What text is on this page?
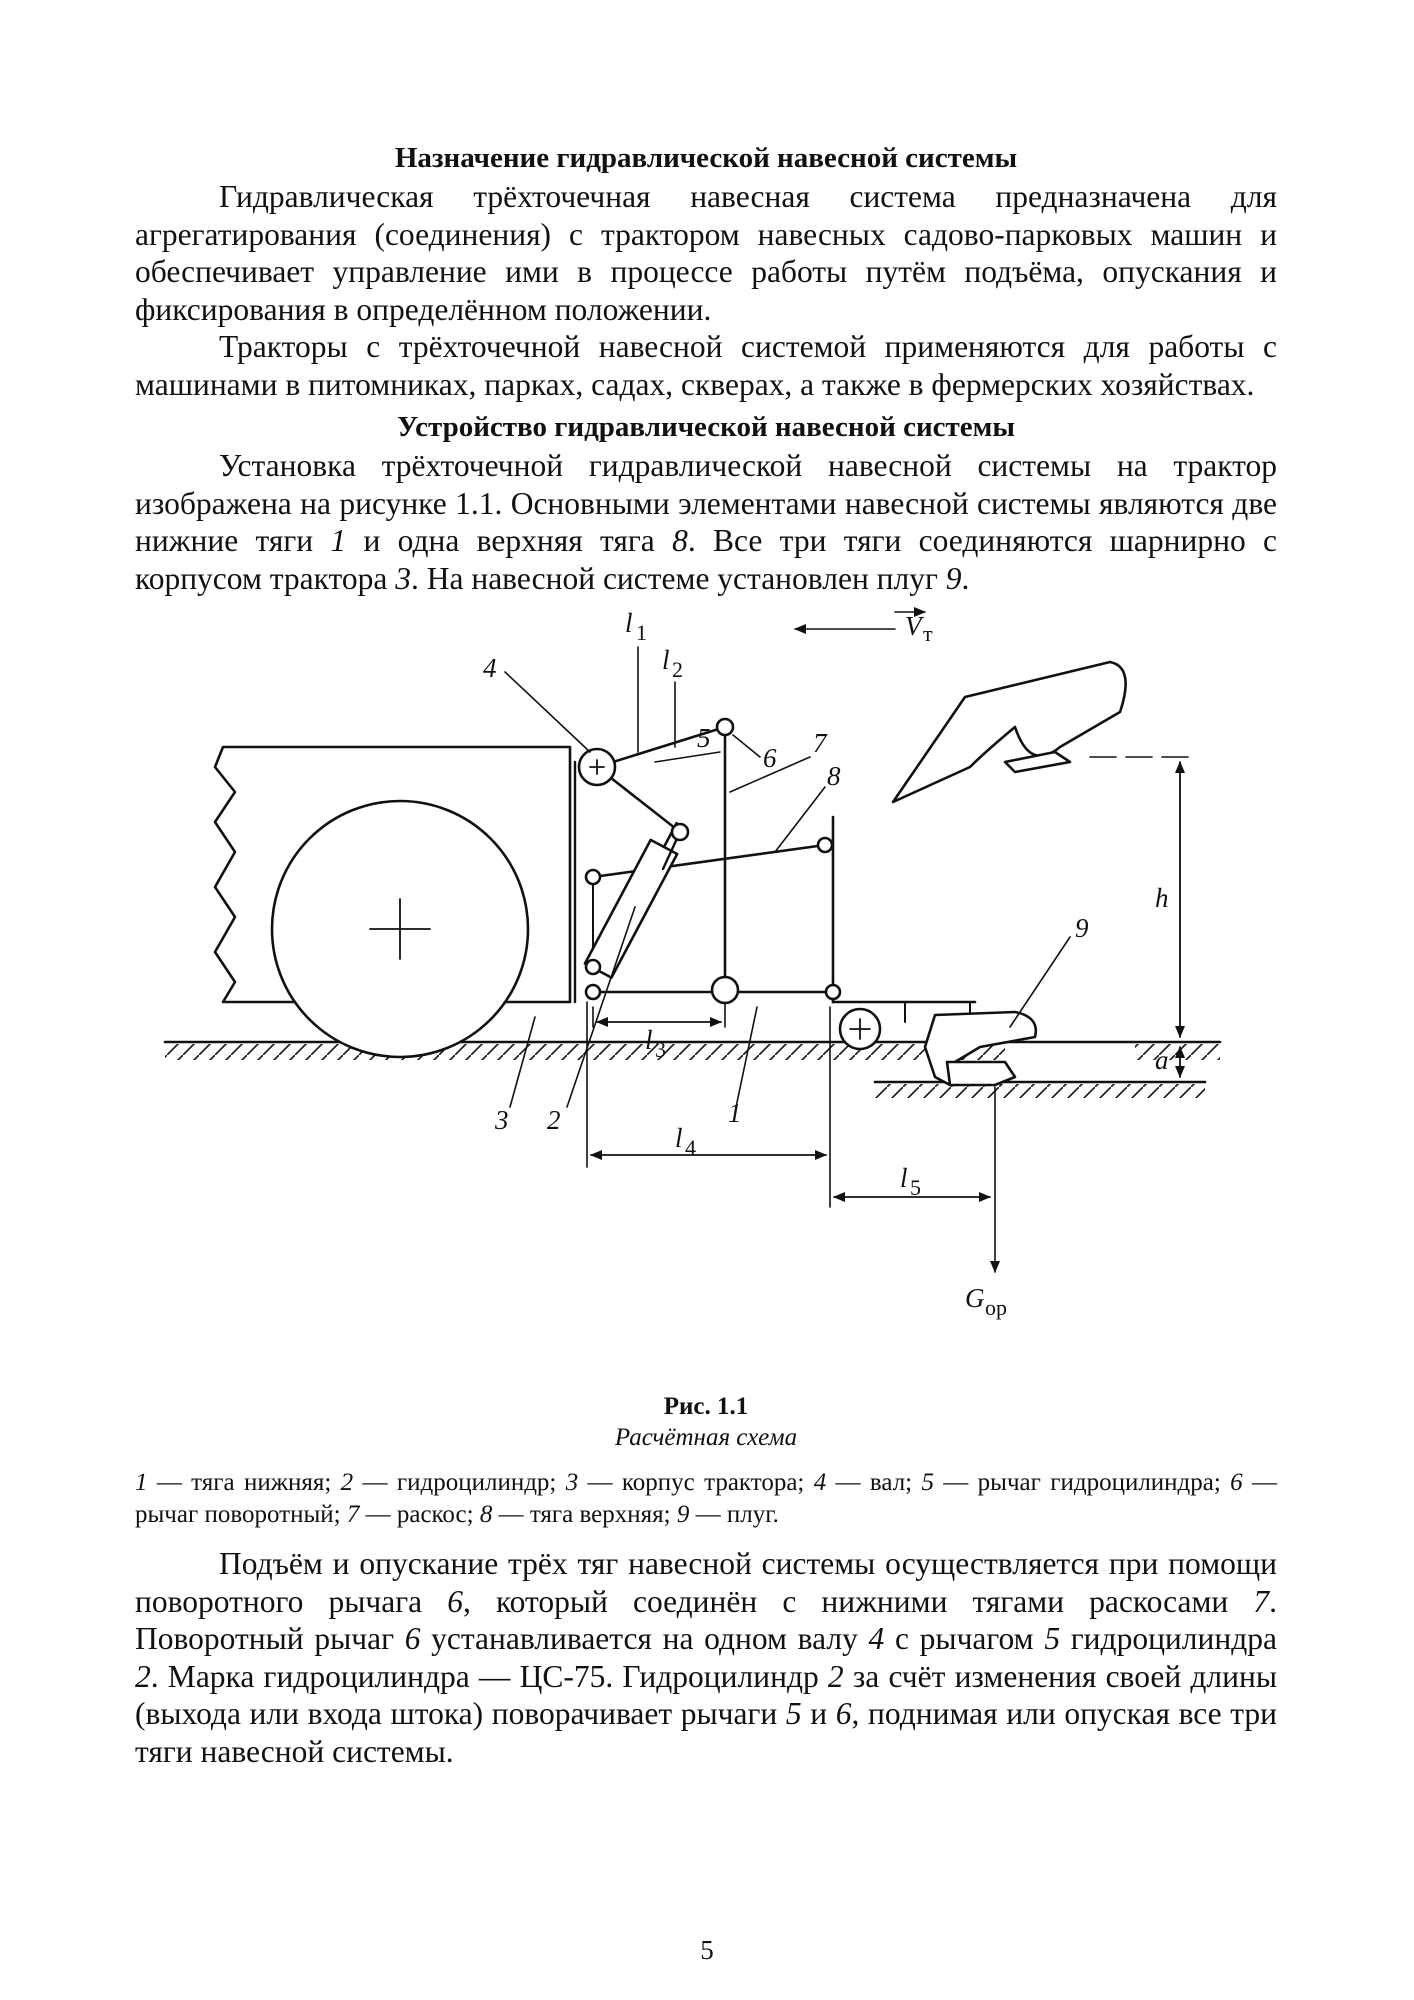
Назначение гидравлической навесной системы

Гидравлическая трёхточечная навесная система предназначена для агрегатирования (соединения) с трактором навесных садово-парковых машин и обеспечивает управление ими в процессе работы путём подъёма, опускания и фиксирования в определённом положении.

Тракторы с трёхточечной навесной системой применяются для работы с машинами в питомниках, парках, садах, скверах, а также в фермерских хозяйствах.

Устройство гидравлической навесной системы

Установка трёхточечной гидравлической навесной системы на трактор изображена на рисунке 1.1. Основными элементами навесной системы являются две нижние тяги 1 и одна верхняя тяга 8. Все три тяги соединяются шарнирно с корпусом трактора 3. На навесной системе установлен плуг 9.

l 1
l 2
V т
4
5
6 7
8
9
h
a
l 3
l 4
l 5
3 2	1
G ор
Рис. 1.1
Расчётная схема
1 — тяга нижняя; 2 — гидроцилиндр; 3 — корпус трактора; 4 — вал; 5 — рычаг гидроцилиндра; 6 — рычаг поворотный; 7 — раскос; 8 — тяга верхняя; 9 — плуг.

Подъём и опускание трёх тяг навесной системы осуществляется при помощи поворотного рычага 6, который соединён с нижними тягами раскосами 7. Поворотный рычаг 6 устанавливается на одном валу 4 с рычагом 5 гидроцилиндра 2. Марка гидроцилиндра — ЦС-75. Гидроцилиндр 2 за счёт изменения своей длины (выхода или входа штока) поворачивает рычаги 5 и 6, поднимая или опуская все три тяги навесной системы.

5
